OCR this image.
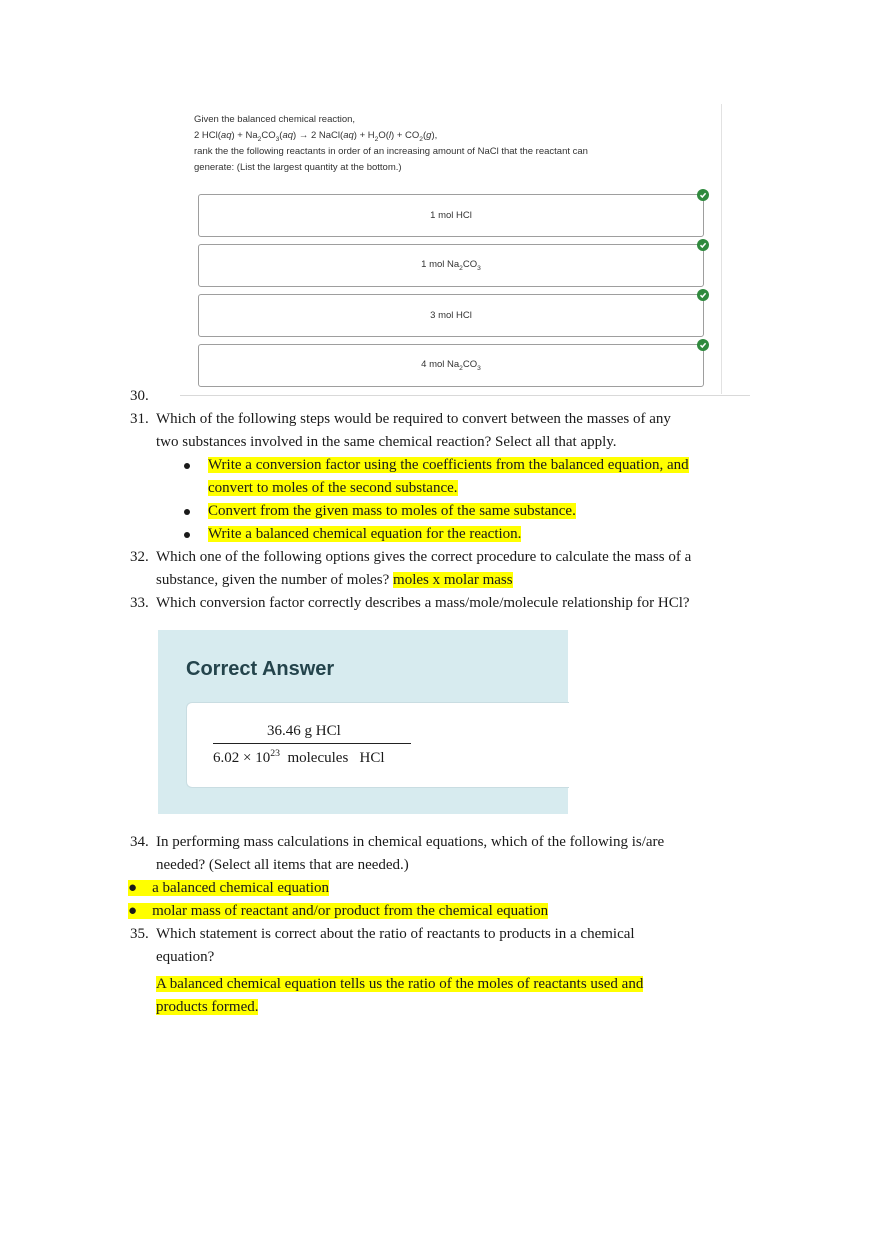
Given the balanced chemical reaction,
2 $HCl(aq) + Na_2CO_3(aq) \to 2$ NaCl(aq) + $H_2O(l) + CO_2(g)$,
rank the the following reactants in order of an increasing amount of NaCl that the reactant can
generate: (List the largest quantity at the bottom.)
1 mol HCl
1 mol $Na_2CO_3$
3 mol HCl
4 mol $Na_2CO_3$
30.
31. Which of the following steps would be required to convert between the masses of any
two substances involved in the same chemical reaction? Select all that apply.
Write a conversion factor using the coefficients from the balanced equation, and
convert to moles of the second substance.
Convert from the given mass to moles of the same substance.
Write a balanced chemical equation for the reaction.
32. Which one of the following options gives the correct procedure to calculate the mass of a
substance, given the number of moles? moles x molar mass
33. Which conversion factor correctly describes a mass/mole/molecule relationship for HCl?
Correct Answer
36.46 g HCl
$6.02 \times 10^{23}$  molecules   HCl
34. In performing mass calculations in chemical equations, which of the following is/are
needed? (Select all items that are needed.)
●    a balanced chemical equation
●    molar mass of reactant and/or product from the chemical equation
35. Which statement is correct about the ratio of reactants to products in a chemical
equation?
A balanced chemical equation tells us the ratio of the moles of reactants used and
products formed.
